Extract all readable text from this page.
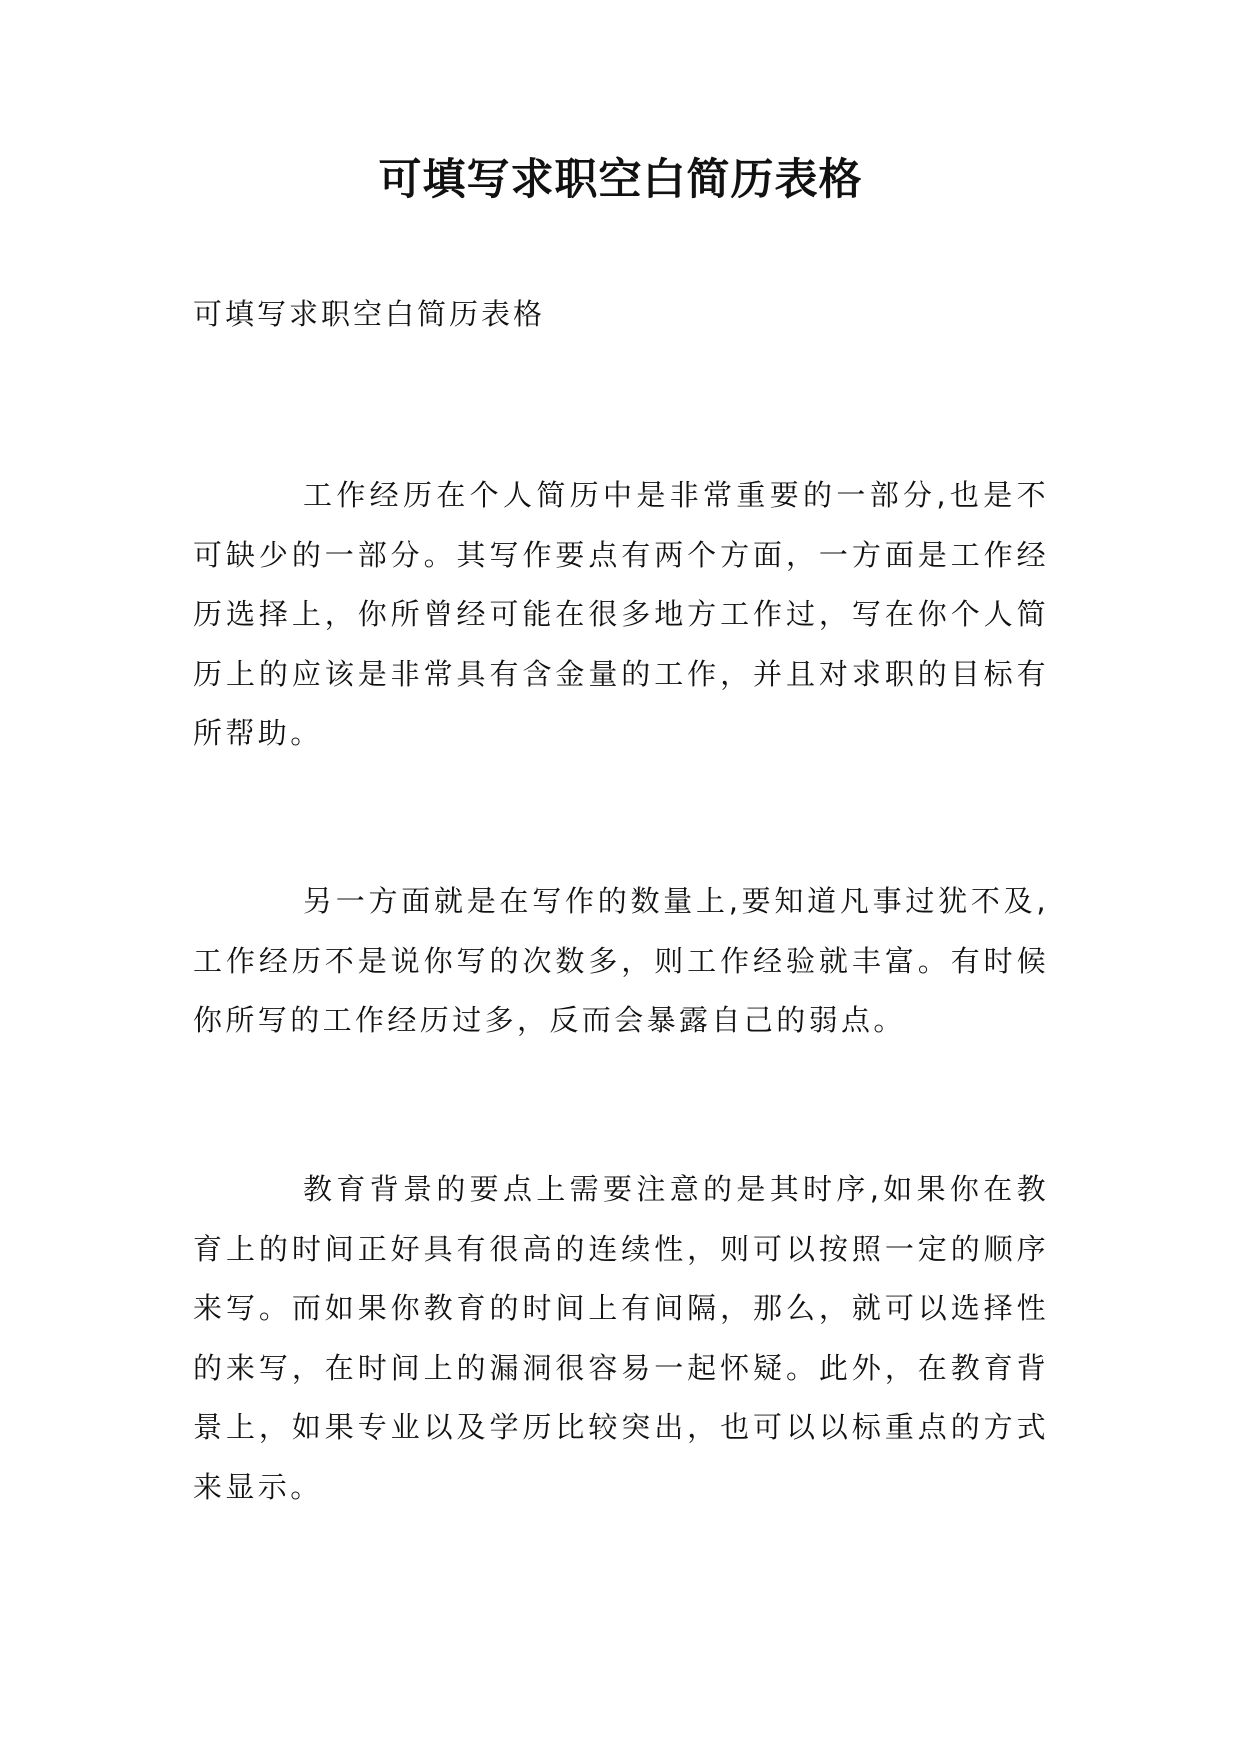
可填写求职空白简历表格

可填写求职空白简历表格

工作经历在个人简历中是非常重要的一部分,也是不可缺少的一部分。其写作要点有两个方面，一方面是工作经历选择上，你所曾经可能在很多地方工作过，写在你个人简历上的应该是非常具有含金量的工作，并且对求职的目标有所帮助。

另一方面就是在写作的数量上,要知道凡事过犹不及,工作经历不是说你写的次数多，则工作经验就丰富。有时候你所写的工作经历过多，反而会暴露自己的弱点。

教育背景的要点上需要注意的是其时序,如果你在教育上的时间正好具有很高的连续性，则可以按照一定的顺序来写。而如果你教育的时间上有间隔，那么，就可以选择性的来写，在时间上的漏洞很容易一起怀疑。此外，在教育背景上，如果专业以及学历比较突出，也可以以标重点的方式来显示。
